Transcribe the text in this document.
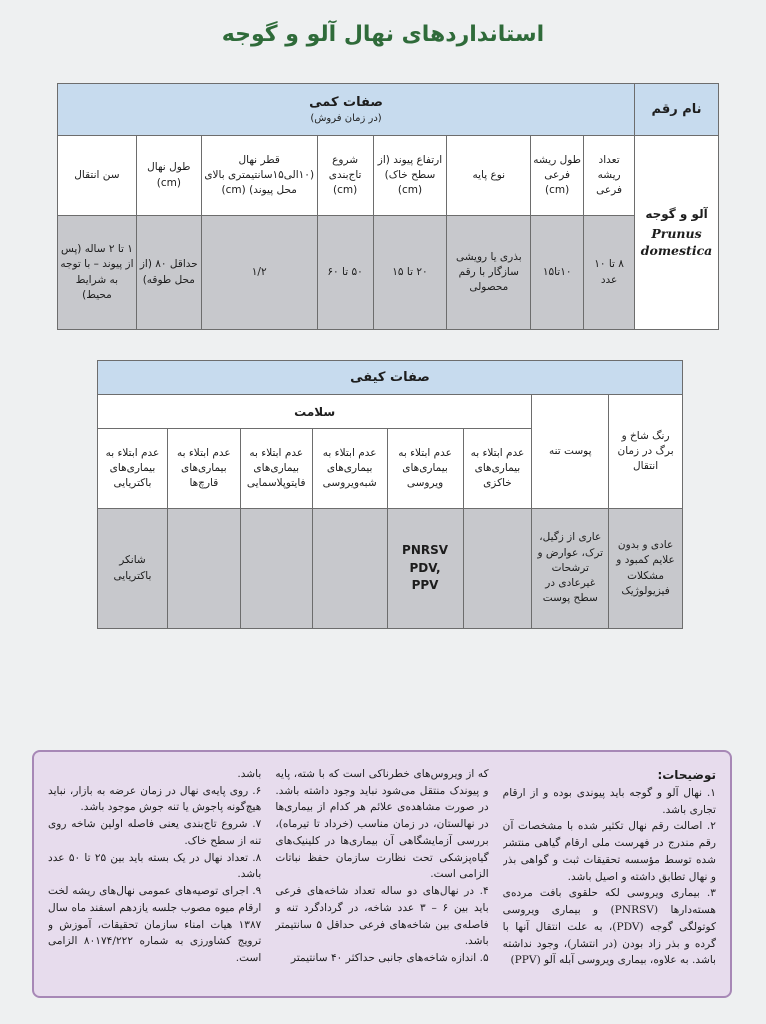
استانداردهای نهال آلو و گوجه
نام رقم	صفات کمی
(در زمان فروش)							
آلو و گوجه
Prunus domestica	تعداد ریشه فرعی	طول ریشه فرعی (cm)	نوع پایه	ارتفاع پیوند (از سطح خاک) (cm)	شروع تاج‌بندی (cm)	قطر نهال (۱۰الی۱۵سانتیمتری بالای محل پیوند) (cm)	طول نهال (cm)	سن انتقال
	۸ تا ۱۰ عدد	۱۰تا۱۵	بذری یا رویشی سازگار با رقم محصولی	۲۰ تا ۱۵	۵۰ تا ۶۰	۱/۲	حداقل ۸۰ (از محل طوقه)	۱ تا ۲ ساله (پس از پیوند – با توجه به شرایط محیط)
صفات کیفی							
رنگ شاخ و برگ در زمان انتقال	پوست تنه	سلامت					
		عدم ابتلاء به بیماری‌های خاکزی	عدم ابتلاء به بیماری‌های ویروسی	عدم ابتلاء به بیماری‌های شبه‌ویروسی	عدم ابتلاء به بیماری‌های فایتوپلاسمایی	عدم ابتلاء به بیماری‌های قارچ‌ها	عدم ابتلاء به بیماری‌های باکتریایی
عادی و بدون علایم کمبود و مشکلات فیزیولوژیک	عاری از زگیل، ترک، عوارض و ترشحات غیرعادی در سطح پوست		PNRSV PDV, PPV				شانکر باکتریایی

توضیحات:

۱. نهال آلو و گوجه باید پیوندی بوده و از ارقام تجاری باشد.

۲. اصالت رقم نهال تکثیر شده با مشخصات آن رقم مندرج در فهرست ملی ارقام گیاهی منتشر شده توسط مؤسسه تحقیقات ثبت و گواهی بذر و نهال تطابق داشته و اصیل باشد.

۳. بیماری ویروسی لکه حلقوی بافت مرده‌ی هسته‌دارها (PNRSV) و بیماری ویروسی کوتولگی گوجه (PDV)، به علت انتقال آنها با گرده و بذر زاد بودن (در انتشار)، وجود نداشته باشد. به علاوه، بیماری ویروسی آبله آلو (PPV)

که از ویروس‌های خطرناکی است که با شته، پایه و پیوندک منتقل می‌شود نباید وجود داشته باشد. در صورت مشاهده‌ی علائم هر کدام از بیماری‌ها در نهالستان، در زمان مناسب (خرداد تا تیرماه)، بررسی آزمایشگاهی آن بیماری‌ها در کلینیک‌های گیاه‌پزشکی تحت نظارت سازمان حفظ نباتات الزامی است.

۴. در نهال‌های دو ساله تعداد شاخه‌های فرعی باید بین ۶ – ۳ عدد شاخه، در گردادگرد تنه و فاصله‌ی بین شاخه‌های فرعی حداقل ۵ سانتیمتر باشد.

۵. اندازه شاخه‌های جانبی حداکثر ۴۰ سانتیمتر

باشد.

۶. روی پایه‌ی نهال در زمان عرضه به بازار، نباید هیچ‌گونه پاجوش یا تنه جوش موجود باشد.

۷. شروع تاج‌بندی یعنی فاصله اولین شاخه روی تنه از سطح خاک.

۸. تعداد نهال در یک بسته باید بین ۲۵ تا ۵۰ عدد باشد.

۹. اجرای توصیه‌های عمومی نهال‌های ریشه لخت ارقام میوه مصوب جلسه یازدهم اسفند ماه سال ۱۳۸۷ هیات امناء سازمان تحقیقات، آموزش و ترویج کشاورزی به شماره ۸۰۱۷۴/۲۲۲ الزامی است.
